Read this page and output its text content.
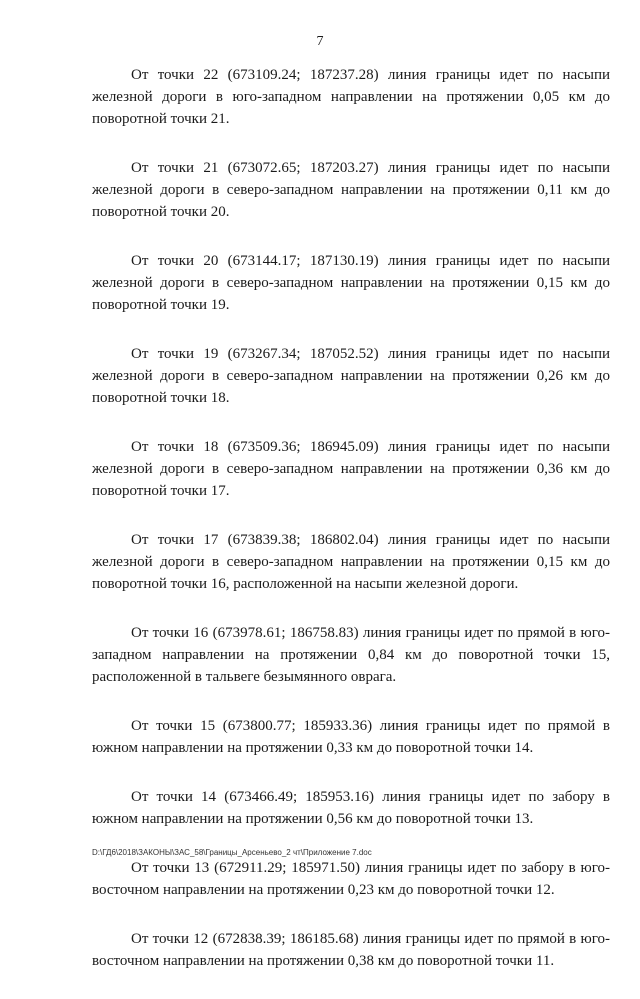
7

От точки 22 (673109.24; 187237.28) линия границы идет по насыпи железной дороги в юго-западном направлении на протяжении 0,05 км до поворотной точки 21.

От точки 21 (673072.65; 187203.27) линия границы идет по насыпи железной дороги в северо-западном направлении на протяжении 0,11 км до поворотной точки 20.

От точки 20 (673144.17; 187130.19) линия границы идет по насыпи железной дороги в северо-западном направлении на протяжении 0,15 км до поворотной точки 19.

От точки 19 (673267.34; 187052.52) линия границы идет по насыпи железной дороги в северо-западном направлении на протяжении 0,26 км до поворотной точки 18.

От точки 18 (673509.36; 186945.09) линия границы идет по насыпи железной дороги в северо-западном направлении на протяжении 0,36 км до поворотной точки 17.

От точки 17 (673839.38; 186802.04) линия границы идет по насыпи железной дороги в северо-западном направлении на протяжении 0,15 км до поворотной точки 16, расположенной на насыпи железной дороги.

От точки 16 (673978.61; 186758.83) линия границы идет по прямой в юго-западном направлении на протяжении 0,84 км до поворотной точки 15, расположенной в тальвеге безымянного оврага.

От точки 15 (673800.77; 185933.36) линия границы идет по прямой в южном направлении на протяжении 0,33 км до поворотной точки 14.

От точки 14 (673466.49; 185953.16) линия границы идет по забору в южном направлении на протяжении 0,56 км до поворотной точки 13.

От точки 13 (672911.29; 185971.50) линия границы идет по забору в юго-восточном направлении на протяжении 0,23 км до поворотной точки 12.

От точки 12 (672838.39; 186185.68) линия границы идет по прямой в юго-восточном направлении на протяжении 0,38 км до поворотной точки 11.

D:\ГД6\2018\ЗАКОНЫ\ЗАС_58\Границы_Арсеньево_2 чт\Приложение 7.doc
